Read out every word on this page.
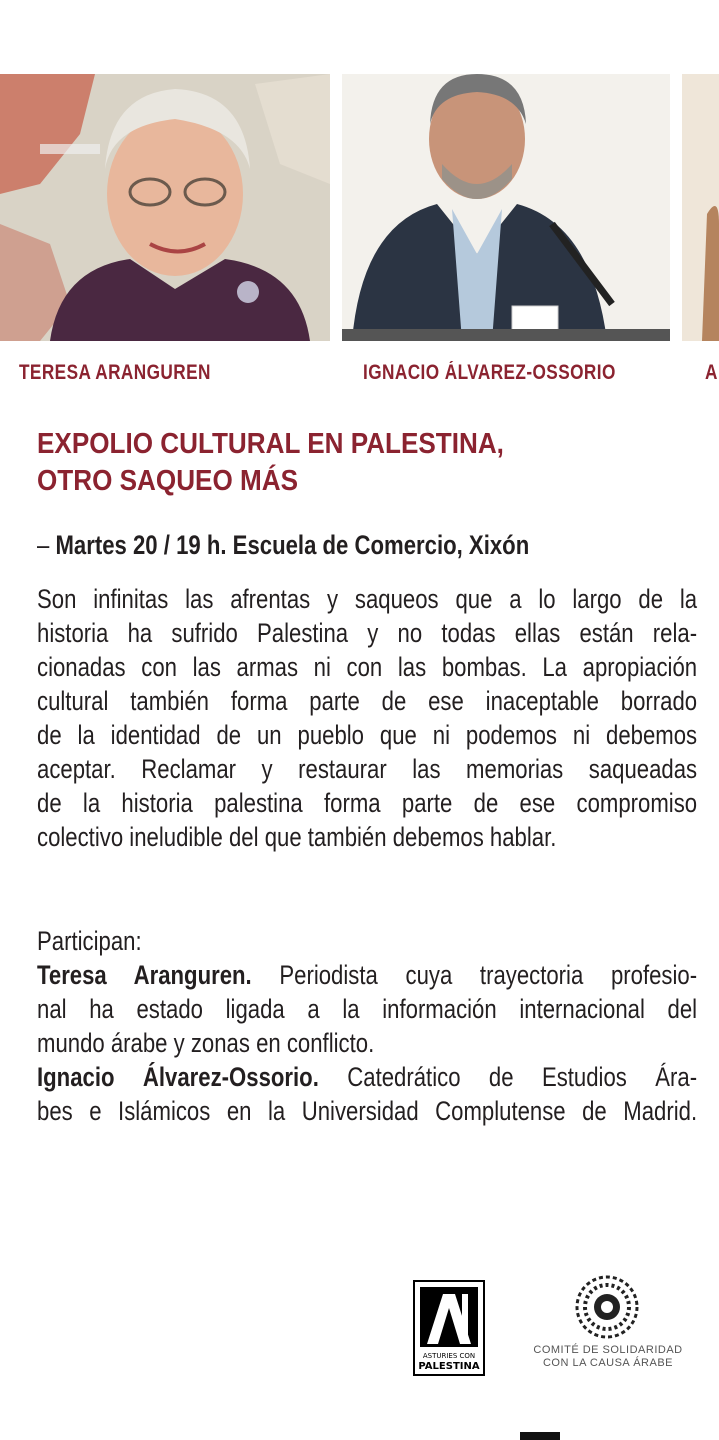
TERESA ARANGUREN	IGNACIO ÁLVAREZ-OSSORIO	A
EXPOLIO CULTURAL EN PALESTINA,
OTRO SAQUEO MÁS
– Martes 20 / 19 h. Escuela de Comercio, Xixón
Son infinitas las afrentas y saqueos que a lo largo de la
historia ha sufrido Palestina y no todas ellas están rela-
cionadas con las armas ni con las bombas. La apropiación
cultural también forma parte de ese inaceptable borrado
de la identidad de un pueblo que ni podemos ni debemos
aceptar. Reclamar y restaurar las memorias saqueadas
de la historia palestina forma parte de ese compromiso
colectivo ineludible del que también debemos hablar.
Participan:
Teresa Aranguren. Periodista cuya trayectoria profesio-
nal ha estado ligada a la información internacional del
mundo árabe y zonas en conflicto.
Ignacio Álvarez-Ossorio. Catedrático de Estudios Ára-
bes e Islámicos en la Universidad Complutense de Madrid.
ASTURIES CON
PALESTINA
COMITÉ DE SOLIDARIDAD
CON LA CAUSA ÁRABE
